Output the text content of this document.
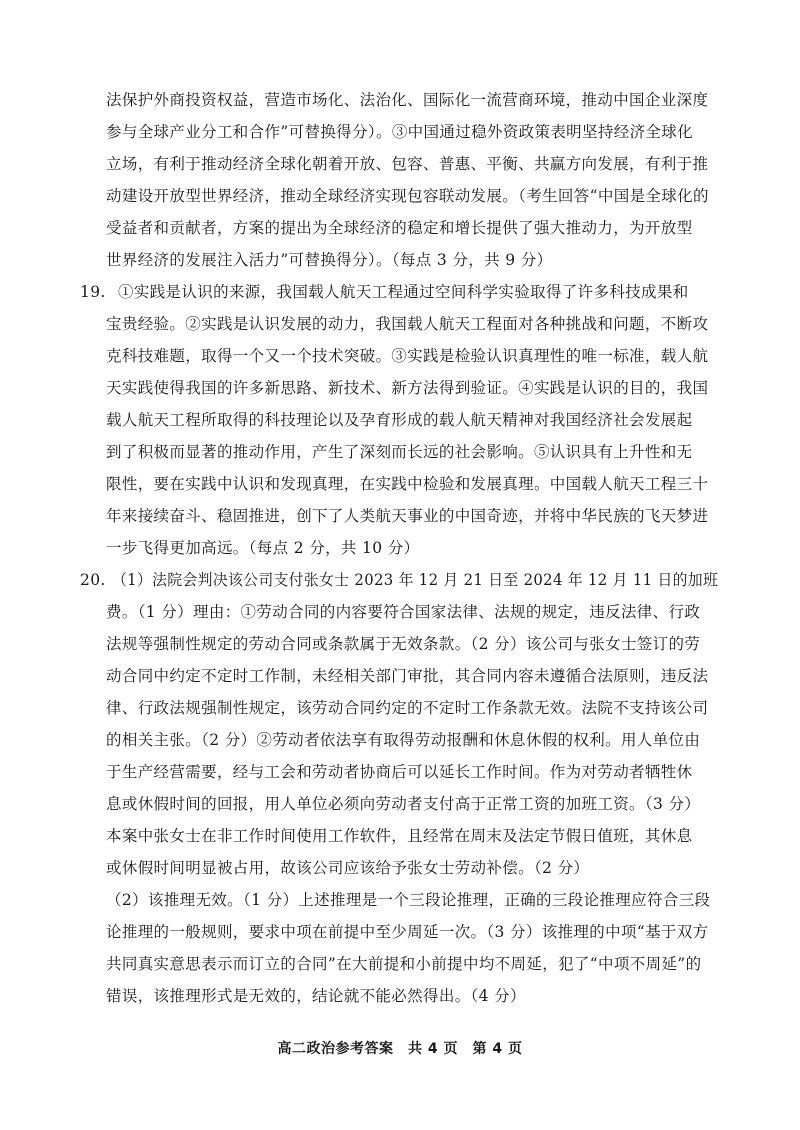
法保护外商投资权益，营造市场化、法治化、国际化一流营商环境，推动中国企业深度
参与全球产业分工和合作”可替换得分）。③中国通过稳外资政策表明坚持经济全球化
立场，有利于推动经济全球化朝着开放、包容、普惠、平衡、共赢方向发展，有利于推
动建设开放型世界经济，推动全球经济实现包容联动发展。（考生回答“中国是全球化的
受益者和贡献者，方案的提出为全球经济的稳定和增长提供了强大推动力，为开放型
世界经济的发展注入活力”可替换得分）。（每点 3 分，共 9 分）
19. ①实践是认识的来源，我国载人航天工程通过空间科学实验取得了许多科技成果和
宝贵经验。②实践是认识发展的动力，我国载人航天工程面对各种挑战和问题，不断攻
克科技难题，取得一个又一个技术突破。③实践是检验认识真理性的唯一标准，载人航
天实践使得我国的许多新思路、新技术、新方法得到验证。④实践是认识的目的，我国
载人航天工程所取得的科技理论以及孕育形成的载人航天精神对我国经济社会发展起
到了积极而显著的推动作用，产生了深刻而长远的社会影响。⑤认识具有上升性和无
限性，要在实践中认识和发现真理，在实践中检验和发展真理。中国载人航天工程三十
年来接续奋斗、稳固推进，创下了人类航天事业的中国奇迹，并将中华民族的飞天梦进
一步飞得更加高远。（每点 2 分，共 10 分）
20. （1）法院会判决该公司支付张女士 2023 年 12 月 21 日至 2024 年 12 月 11 日的加班
费。（1 分）理由：①劳动合同的内容要符合国家法律、法规的规定，违反法律、行政
法规等强制性规定的劳动合同或条款属于无效条款。（2 分）该公司与张女士签订的劳
动合同中约定不定时工作制，未经相关部门审批，其合同内容未遵循合法原则，违反法
律、行政法规强制性规定，该劳动合同约定的不定时工作条款无效。法院不支持该公司
的相关主张。（2 分）②劳动者依法享有取得劳动报酬和休息休假的权利。用人单位由
于生产经营需要，经与工会和劳动者协商后可以延长工作时间。作为对劳动者牺牲休
息或休假时间的回报，用人单位必须向劳动者支付高于正常工资的加班工资。（3 分）
本案中张女士在非工作时间使用工作软件，且经常在周末及法定节假日值班，其休息
或休假时间明显被占用，故该公司应该给予张女士劳动补偿。（2 分）
（2）该推理无效。（1 分）上述推理是一个三段论推理，正确的三段论推理应符合三段
论推理的一般规则，要求中项在前提中至少周延一次。（3 分）该推理的中项“基于双方
共同真实意思表示而订立的合同”在大前提和小前提中均不周延，犯了“中项不周延”的
错误，该推理形式是无效的，结论就不能必然得出。（4 分）
高二政治参考答案　共 4 页　第 4 页
